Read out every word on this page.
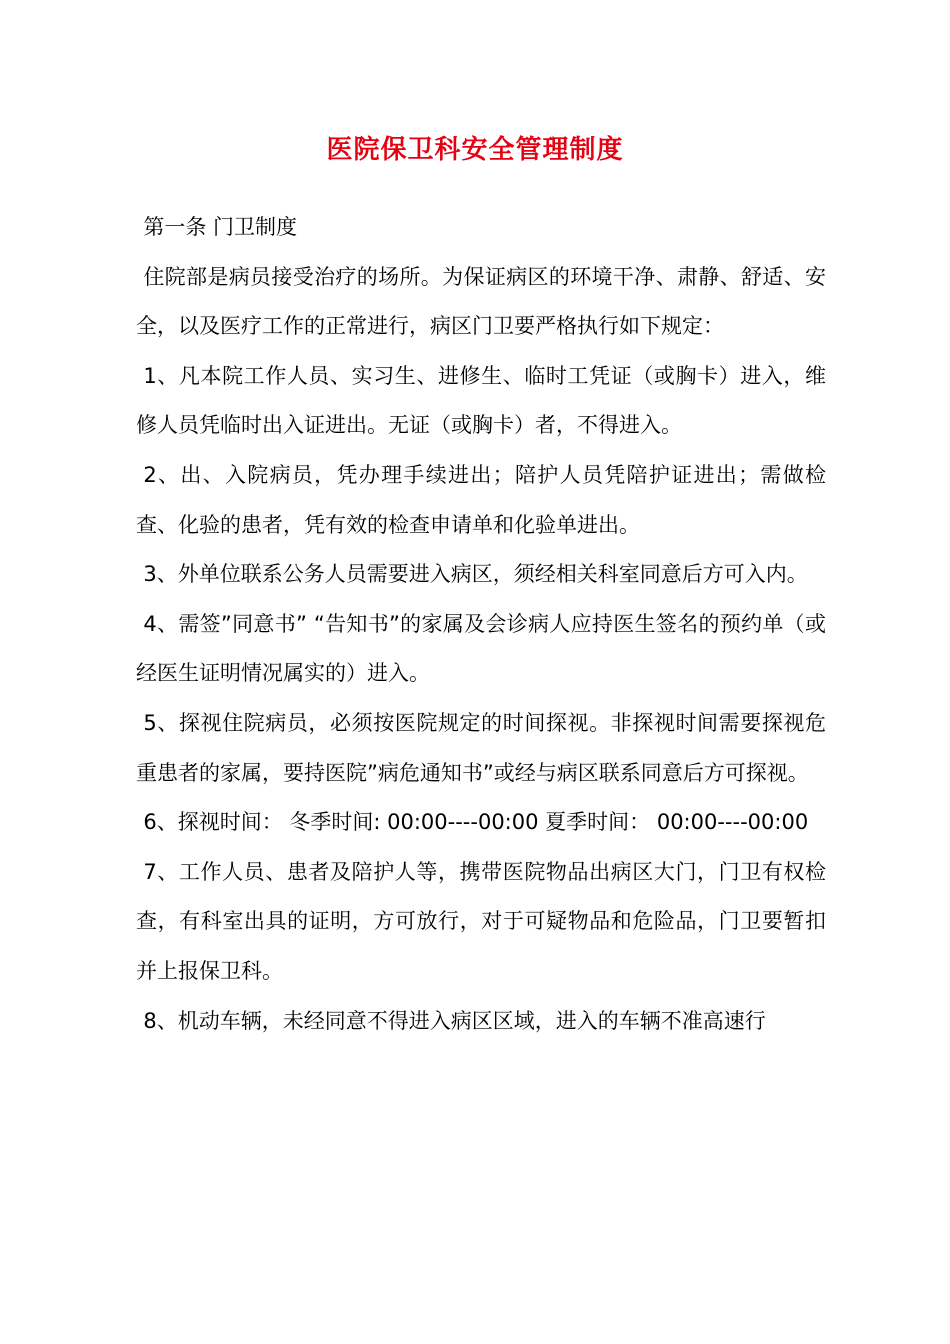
医院保卫科安全管理制度

第一条 门卫制度

住院部是病员接受治疗的场所。为保证病区的环境干净、肃静、舒适、安全，以及医疗工作的正常进行，病区门卫要严格执行如下规定：

1、凡本院工作人员、实习生、进修生、临时工凭证（或胸卡）进入，维修人员凭临时出入证进出。无证（或胸卡）者，不得进入。

2、出、入院病员，凭办理手续进出；陪护人员凭陪护证进出；需做检查、化验的患者，凭有效的检查申请单和化验单进出。

3、外单位联系公务人员需要进入病区，须经相关科室同意后方可入内。

4、需签”同意书” “告知书”的家属及会诊病人应持医生签名的预约单（或经医生证明情况属实的）进入。

5、探视住院病员，必须按医院规定的时间探视。非探视时间需要探视危重患者的家属，要持医院”病危通知书”或经与病区联系同意后方可探视。

6、探视时间： 冬季时间: 00:00----00:00 夏季时间： 00:00----00:00

7、工作人员、患者及陪护人等，携带医院物品出病区大门，门卫有权检查，有科室出具的证明，方可放行，对于可疑物品和危险品，门卫要暂扣并上报保卫科。

8、机动车辆，未经同意不得进入病区区域，进入的车辆不准高速行
